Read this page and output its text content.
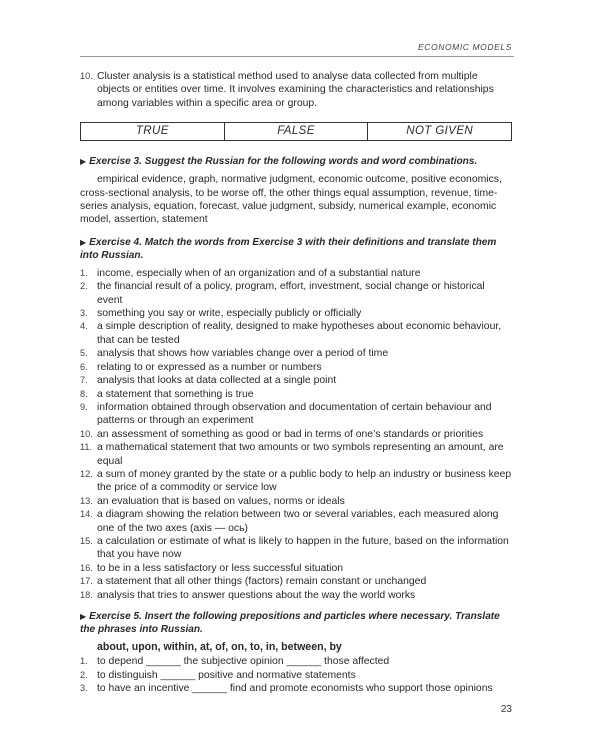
ECONOMIC MODELS
10. Cluster analysis is a statistical method used to analyse data collected from multiple objects or entities over time. It involves examining the characteristics and relationships among variables within a specific area or group.
TRUE	FALSE	NOT GIVEN
▶ Exercise 3. Suggest the Russian for the following words and word combinations.
empirical evidence, graph, normative judgment, economic outcome, positive economics, cross-sectional analysis, to be worse off, the other things equal assumption, revenue, time-series analysis, equation, forecast, value judgment, subsidy, numerical example, economic model, assertion, statement
▶ Exercise 4. Match the words from Exercise 3 with their definitions and translate them into Russian.
1. income, especially when of an organization and of a substantial nature
2. the financial result of a policy, program, effort, investment, social change or historical event
3. something you say or write, especially publicly or officially
4. a simple description of reality, designed to make hypotheses about economic behaviour, that can be tested
5. analysis that shows how variables change over a period of time
6. relating to or expressed as a number or numbers
7. analysis that looks at data collected at a single point
8. a statement that something is true
9. information obtained through observation and documentation of certain behaviour and patterns or through an experiment
10. an assessment of something as good or bad in terms of one’s standards or priorities
11. a mathematical statement that two amounts or two symbols representing an amount, are equal
12. a sum of money granted by the state or a public body to help an industry or business keep the price of a commodity or service low
13. an evaluation that is based on values, norms or ideals
14. a diagram showing the relation between two or several variables, each measured along one of the two axes (axis — ось)
15. a calculation or estimate of what is likely to happen in the future, based on the information that you have now
16. to be in a less satisfactory or less successful situation
17. a statement that all other things (factors) remain constant or unchanged
18. analysis that tries to answer questions about the way the world works
▶ Exercise 5. Insert the following prepositions and particles where necessary. Translate the phrases into Russian.
about, upon, within, at, of, on, to, in, between, by
1. to depend ______ the subjective opinion ______ those affected
2. to distinguish ______ positive and normative statements
3. to have an incentive ______ find and promote economists who support those opinions
23
